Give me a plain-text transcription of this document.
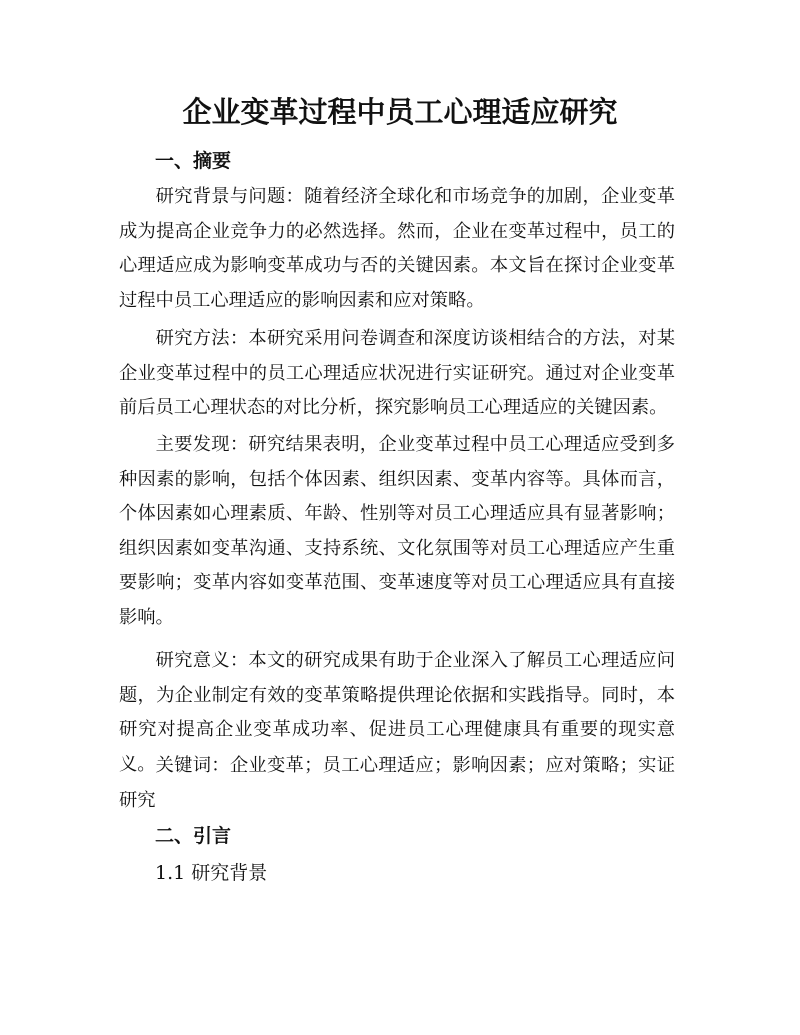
企业变革过程中员工心理适应研究
一、摘要

研究背景与问题：随着经济全球化和市场竞争的加剧，企业变革成为提高企业竞争力的必然选择。然而，企业在变革过程中，员工的心理适应成为影响变革成功与否的关键因素。本文旨在探讨企业变革过程中员工心理适应的影响因素和应对策略。

研究方法：本研究采用问卷调查和深度访谈相结合的方法，对某企业变革过程中的员工心理适应状况进行实证研究。通过对企业变革前后员工心理状态的对比分析，探究影响员工心理适应的关键因素。

主要发现：研究结果表明，企业变革过程中员工心理适应受到多种因素的影响，包括个体因素、组织因素、变革内容等。具体而言，个体因素如心理素质、年龄、性别等对员工心理适应具有显著影响；组织因素如变革沟通、支持系统、文化氛围等对员工心理适应产生重要影响；变革内容如变革范围、变革速度等对员工心理适应具有直接影响。

研究意义：本文的研究成果有助于企业深入了解员工心理适应问题，为企业制定有效的变革策略提供理论依据和实践指导。同时，本研究对提高企业变革成功率、促进员工心理健康具有重要的现实意义。 关键词：企业变革；员工心理适应；影响因素；应对策略；实证研究

二、引言
1.1 研究背景
